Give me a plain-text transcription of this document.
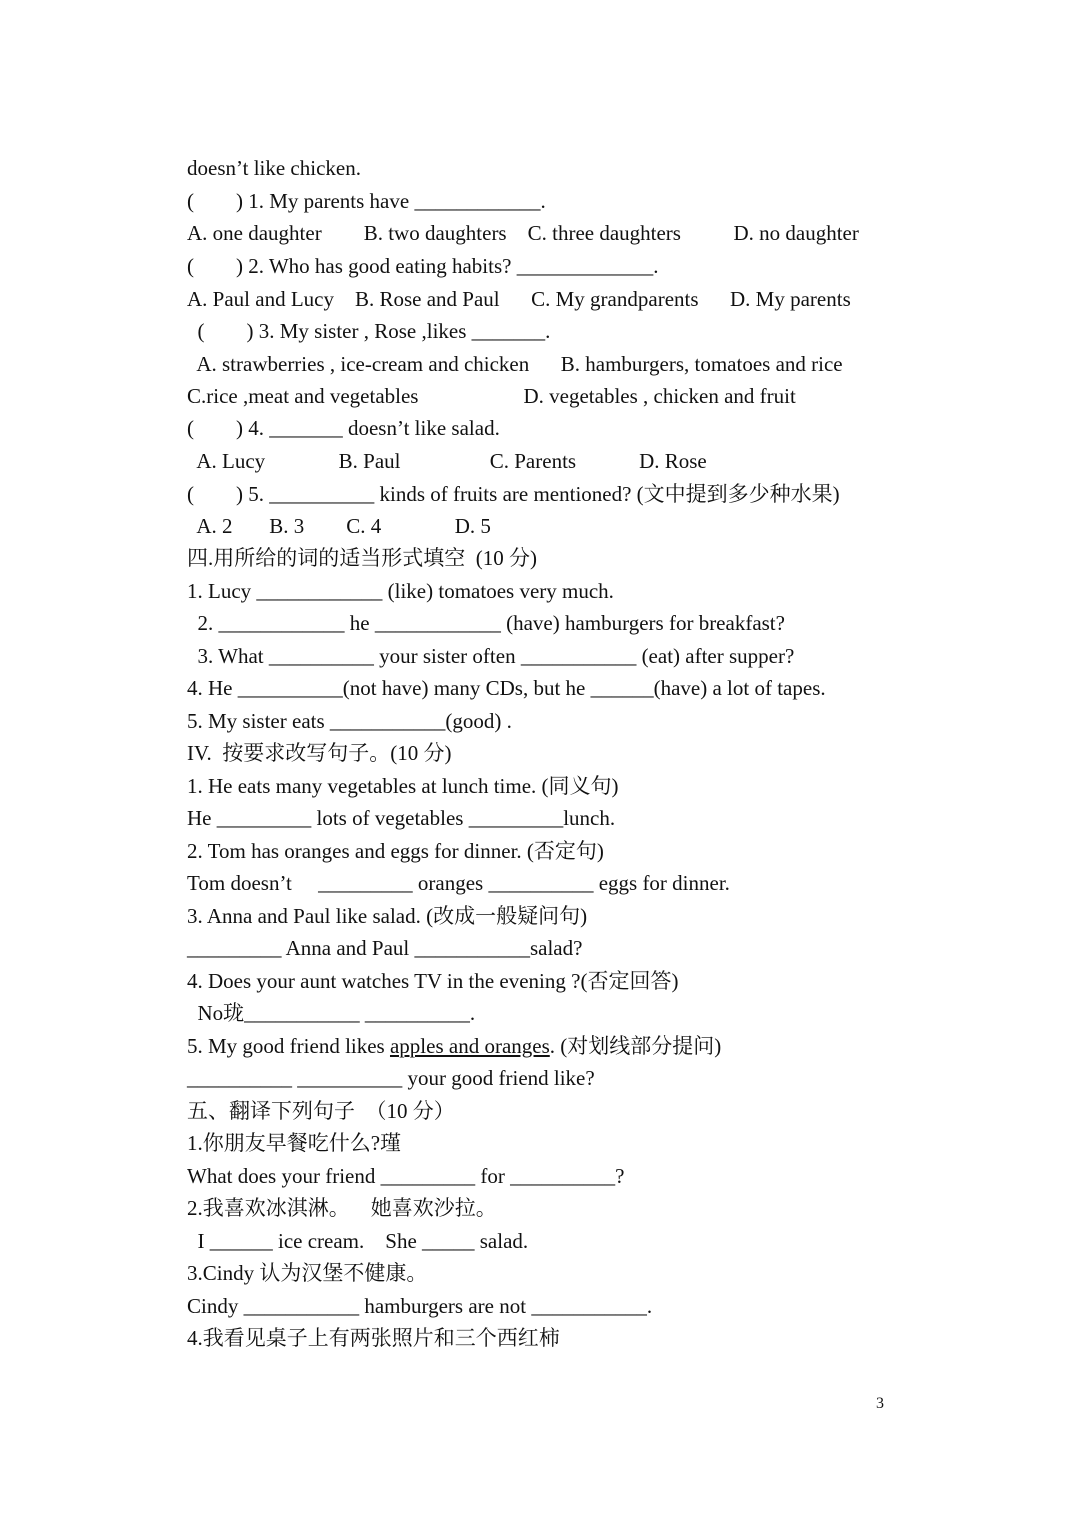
doesn’t like chicken.
(        ) 1. My parents have ____________.
A. one daughter        B. two daughters    C. three daughters          D. no daughter
(        ) 2. Who has good eating habits? _____________.
A. Paul and Lucy    B. Rose and Paul      C. My grandparents      D. My parents
(        ) 3. My sister , Rose ,likes _______.
A. strawberries , ice-cream and chicken      B. hamburgers, tomatoes and rice
C.rice ,meat and vegetables                    D. vegetables , chicken and fruit
(        ) 4. _______ doesn’t like salad.
A. Lucy              B. Paul                 C. Parents            D. Rose
(        ) 5. __________ kinds of fruits are mentioned? (文中提到多少种水果)
A. 2       B. 3        C. 4              D. 5
四.用所给的词的适当形式填空  (10 分)
1. Lucy ____________ (like) tomatoes very much.
2. ____________ he ____________ (have) hamburgers for breakfast?
3. What __________ your sister often ___________ (eat) after supper?
4. He __________(not have) many CDs, but he ______(have) a lot of tapes.
5. My sister eats ___________(good) .
IV.  按要求改写句子。(10 分)
1. He eats many vegetables at lunch time. (同义句)
He _________ lots of vegetables _________lunch.
2. Tom has oranges and eggs for dinner. (否定句)
Tom doesn’t     _________ oranges __________ eggs for dinner.
3. Anna and Paul like salad. (改成一般疑问句)
_________ Anna and Paul ___________salad?
4. Does your aunt watches TV in the evening ?(否定回答)
No珑___________ __________.
5. My good friend likes apples and oranges. (对划线部分提问)
__________ __________ your good friend like?
五、翻译下列句子  （10 分）
1.你朋友早餐吃什么?瑾
What does your friend _________ for __________?
2.我喜欢冰淇淋。    她喜欢沙拉。
I ______ ice cream.    She _____ salad.
3.Cindy 认为汉堡不健康。
Cindy ___________ hamburgers are not ___________.
4.我看见桌子上有两张照片和三个西红柿
3
